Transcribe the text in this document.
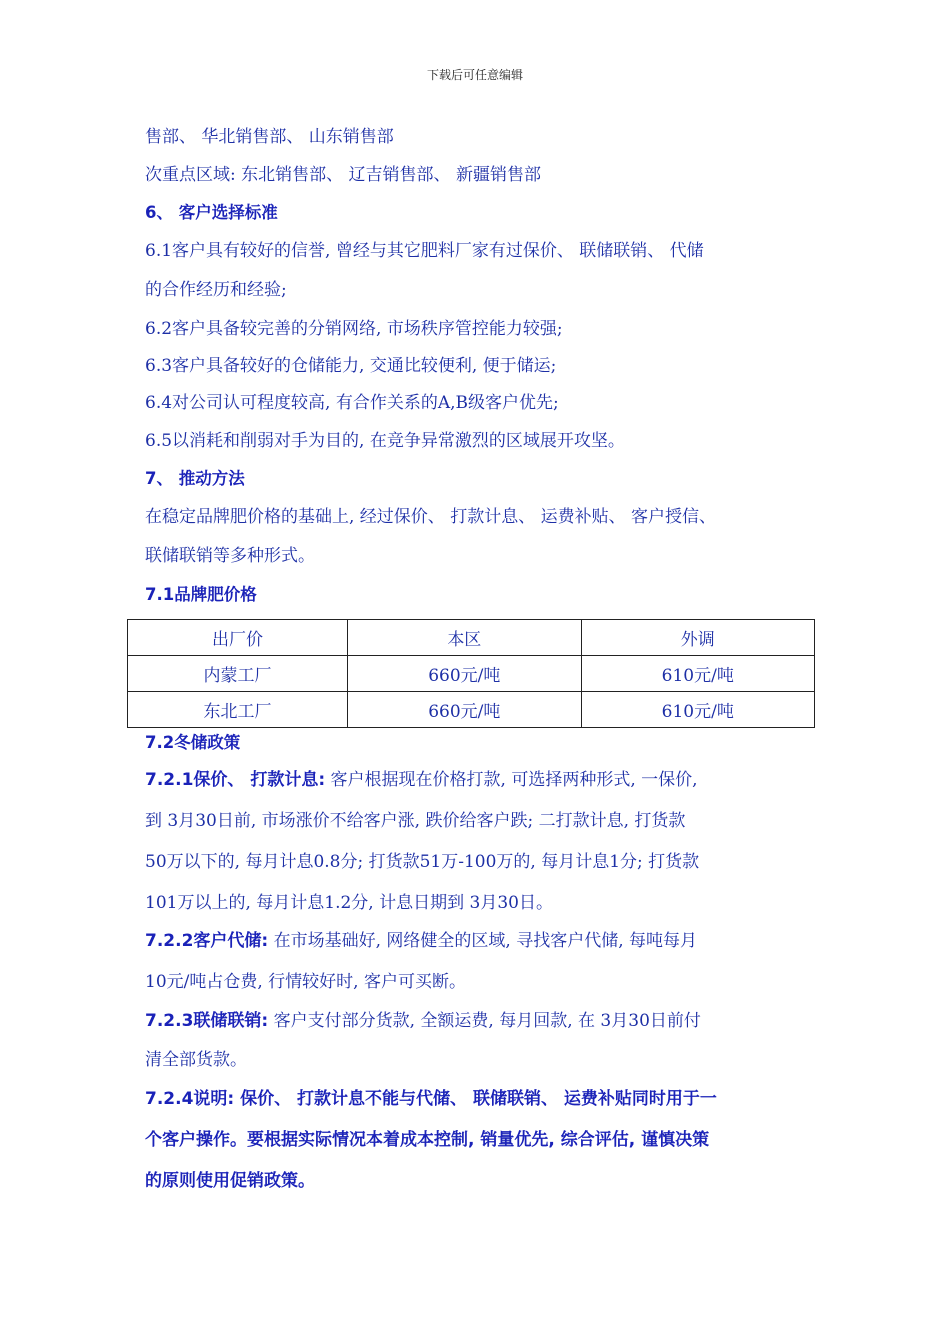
下载后可任意编辑
售部、 华北销售部、 山东销售部
次重点区域: 东北销售部、 辽吉销售部、 新疆销售部
6、 客户选择标准
6.1客户具有较好的信誉, 曾经与其它肥料厂家有过保价、 联储联销、 代储
的合作经历和经验;
6.2客户具备较完善的分销网络, 市场秩序管控能力较强;
6.3客户具备较好的仓储能力, 交通比较便利, 便于储运;
6.4对公司认可程度较高, 有合作关系的A,B级客户优先;
6.5以消耗和削弱对手为目的, 在竞争异常激烈的区域展开攻坚。
7、 推动方法
在稳定品牌肥价格的基础上, 经过保价、 打款计息、 运费补贴、 客户授信、
联储联销等多种形式。
7.1品牌肥价格
出厂价	本区	外调
内蒙工厂	660元/吨	610元/吨
东北工厂	660元/吨	610元/吨
7.2冬储政策
7.2.1保价、 打款计息: 客户根据现在价格打款, 可选择两种形式, 一保价,
到 3月30日前, 市场涨价不给客户涨, 跌价给客户跌; 二打款计息, 打货款
50万以下的, 每月计息0.8分; 打货款51万-100万的, 每月计息1分; 打货款
101万以上的, 每月计息1.2分, 计息日期到 3月30日。
7.2.2客户代储: 在市场基础好, 网络健全的区域, 寻找客户代储, 每吨每月
10元/吨占仓费, 行情较好时, 客户可买断。
7.2.3联储联销: 客户支付部分货款, 全额运费, 每月回款, 在 3月30日前付
清全部货款。
7.2.4说明: 保价、 打款计息不能与代储、 联储联销、 运费补贴同时用于一
个客户操作。要根据实际情况本着成本控制, 销量优先, 综合评估, 谨慎决策
的原则使用促销政策。
